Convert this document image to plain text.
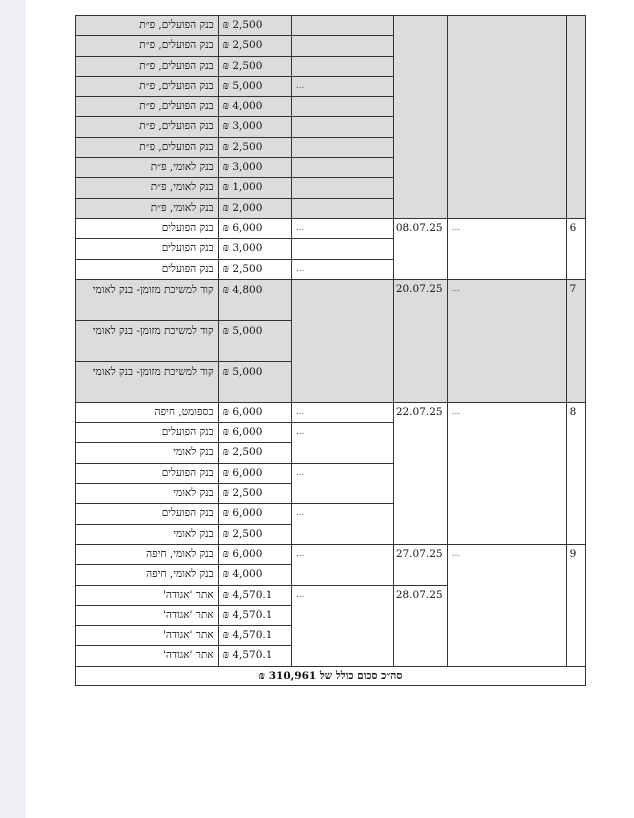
				2,500 ₪	בנק הפועלים, פ״ת
				2,500 ₪	בנק הפועלים, פ״ת
				2,500 ₪	בנק הפועלים, פ״ת
			...	5,000 ₪	בנק הפועלים, פ״ת
				4,000 ₪	בנק הפועלים, פ״ת
				3,000 ₪	בנק הפועלים, פ״ת
				2,500 ₪	בנק הפועלים, פ״ת
				3,000 ₪	בנק לאומי, פ״ת
				1,000 ₪	בנק לאומי, פ״ת
				2,000 ₪	בנק לאומי, פ״ת
6	...	08.07.25	...	6,000 ₪	בנק הפועלים
				3,000 ₪	בנק הפועלים
			...	2,500 ₪	בנק הפועלים
7	...	20.07.25		4,800 ₪	קוד למשיכת מזומן- בנק לאומי
				5,000 ₪	קוד למשיכת מזומן- בנק לאומי
				5,000 ₪	קוד למשיכת מזומן- בנק לאומי
8	...	22.07.25	...	6,000 ₪	כספומט, חיפה
			...	6,000 ₪	בנק הפועלים
				2,500 ₪	בנק לאומי
			...	6,000 ₪	בנק הפועלים
				2,500 ₪	בנק לאומי
			...	6,000 ₪	בנק הפועלים
				2,500 ₪	בנק לאומי
9	...	27.07.25	...	6,000 ₪	בנק לאומי, חיפה
				4,000 ₪	בנק לאומי, חיפה
		28.07.25	...	4,570.1 ₪	אתר 'אגודה'
				4,570.1 ₪	אתר 'אגודה'
				4,570.1 ₪	אתר 'אגודה'
				4,570.1 ₪	אתר 'אגודה'
סה״כ סכום כולל של 310,961 ₪					
